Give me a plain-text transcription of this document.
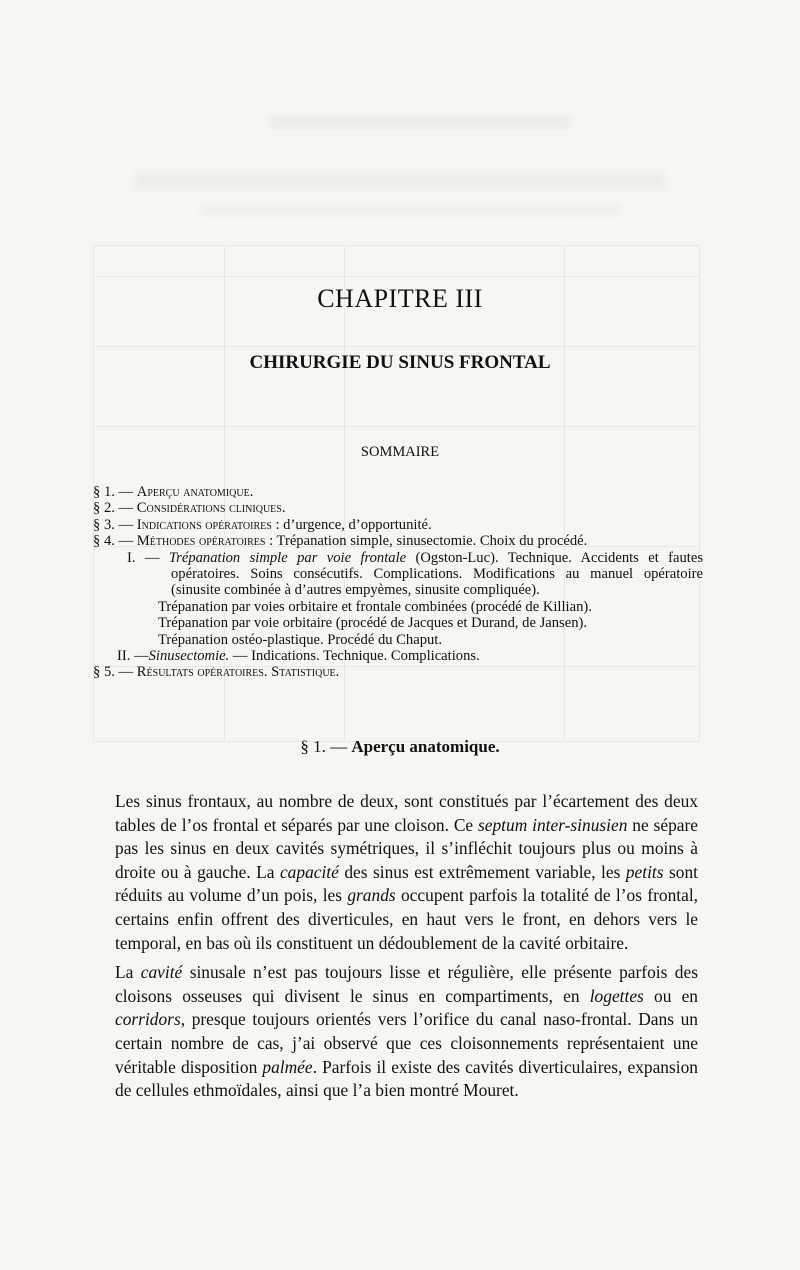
CHAPITRE III
CHIRURGIE DU SINUS FRONTAL
SOMMAIRE
§ 1. — Aperçu anatomique.
§ 2. — Considérations cliniques.
§ 3. — Indications opératoires : d’urgence, d’opportunité.
§ 4. — Méthodes opératoires : Trépanation simple, sinusectomie. Choix du procédé.
I. — Trépanation simple par voie frontale (Ogston-Luc). Technique. Accidents et fautes opératoires. Soins consécutifs. Complications. Modifications au manuel opératoire (sinusite combinée à d’autres empyèmes, sinusite compliquée).
Trépanation par voies orbitaire et frontale combinées (procédé de Killian).
Trépanation par voie orbitaire (procédé de Jacques et Durand, de Jansen).
Trépanation ostéo-plastique. Procédé du Chaput.
II. —Sinusectomie. — Indications. Technique. Complications.
§ 5. — Résultats opératoires. Statistique.
§ 1. — Aperçu anatomique.

Les sinus frontaux, au nombre de deux, sont constitués par l’écartement des deux tables de l’os frontal et séparés par une cloison. Ce septum inter-sinusien ne sépare pas les sinus en deux cavités symétriques, il s’infléchit toujours plus ou moins à droite ou à gauche. La capacité des sinus est extrêmement variable, les petits sont réduits au volume d’un pois, les grands occupent parfois la totalité de l’os frontal, certains enfin offrent des diverticules, en haut vers le front, en dehors vers le temporal, en bas où ils constituent un dédoublement de la cavité orbitaire.

La cavité sinusale n’est pas toujours lisse et régulière, elle présente parfois des cloisons osseuses qui divisent le sinus en compartiments, en logettes ou en corridors, presque toujours orientés vers l’orifice du canal naso-frontal. Dans un certain nombre de cas, j’ai observé que ces cloisonnements représentaient une véritable disposition palmée. Parfois il existe des cavités diverticulaires, expansion de cellules ethmoïdales, ainsi que l’a bien montré Mouret.
